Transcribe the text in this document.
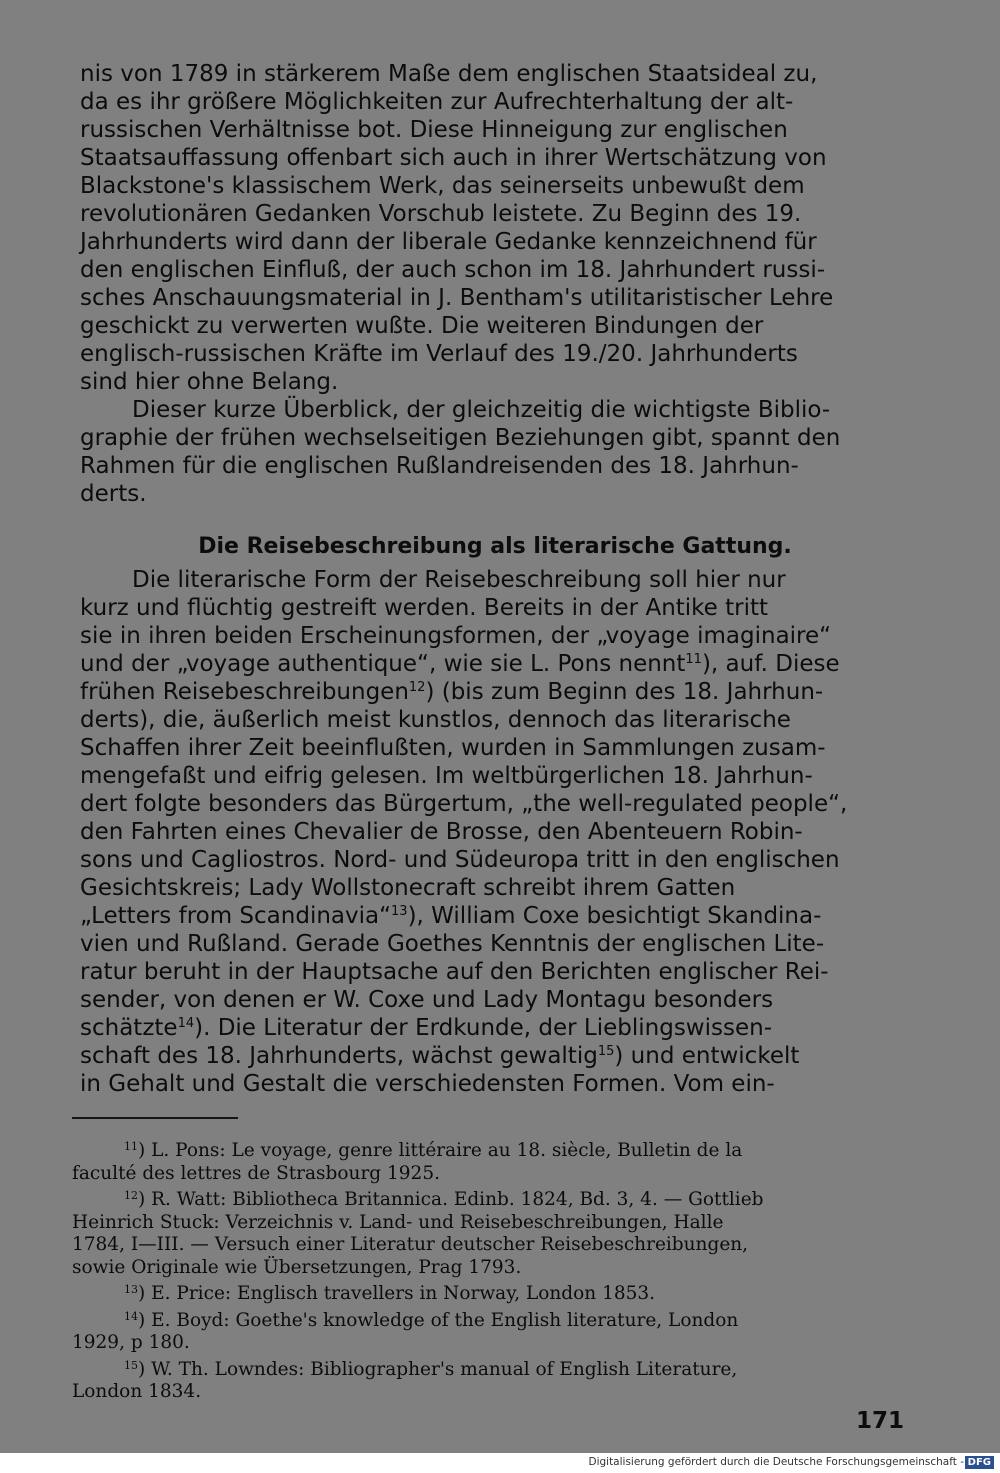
nis von 1789 in stärkerem Maße dem englischen Staatsideal zu,
da es ihr größere Möglichkeiten zur Aufrechterhaltung der alt-
russischen Verhältnisse bot. Diese Hinneigung zur englischen
Staatsauffassung offenbart sich auch in ihrer Wertschätzung von
Blackstone's klassischem Werk, das seinerseits unbewußt dem
revolutionären Gedanken Vorschub leistete. Zu Beginn des 19.
Jahrhunderts wird dann der liberale Gedanke kennzeichnend für
den englischen Einfluß, der auch schon im 18. Jahrhundert russi-
sches Anschauungsmaterial in J. Bentham's utilitaristischer Lehre
geschickt zu verwerten wußte. Die weiteren Bindungen der
englisch-russischen Kräfte im Verlauf des 19./20. Jahrhunderts
sind hier ohne Belang.

Dieser kurze Überblick, der gleichzeitig die wichtigste Biblio-
graphie der frühen wechselseitigen Beziehungen gibt, spannt den
Rahmen für die englischen Rußlandreisenden des 18. Jahrhun-
derts.

Die Reisebeschreibung als literarische Gattung.

Die literarische Form der Reisebeschreibung soll hier nur
kurz und flüchtig gestreift werden. Bereits in der Antike tritt
sie in ihren beiden Erscheinungsformen, der „voyage imaginaire“
und der „voyage authentique“, wie sie L. Pons nennt$^{11}$), auf. Diese
frühen Reisebeschreibungen$^{12}$) (bis zum Beginn des 18. Jahrhun-
derts), die, äußerlich meist kunstlos, dennoch das literarische
Schaffen ihrer Zeit beeinflußten, wurden in Sammlungen zusam-
mengefaßt und eifrig gelesen. Im weltbürgerlichen 18. Jahrhun-
dert folgte besonders das Bürgertum, „the well-regulated people“,
den Fahrten eines Chevalier de Brosse, den Abenteuern Robin-
sons und Cagliostros. Nord- und Südeuropa tritt in den englischen
Gesichtskreis; Lady Wollstonecraft schreibt ihrem Gatten
„Letters from Scandinavia“$^{13}$), William Coxe besichtigt Skandina-
vien und Rußland. Gerade Goethes Kenntnis der englischen Lite-
ratur beruht in der Hauptsache auf den Berichten englischer Rei-
sender, von denen er W. Coxe und Lady Montagu besonders
schätzte$^{14}$). Die Literatur der Erdkunde, der Lieblingswissen-
schaft des 18. Jahrhunderts, wächst gewaltig$^{15}$) und entwickelt
in Gehalt und Gestalt die verschiedensten Formen. Vom ein-

$^{11}$) L. Pons: Le voyage, genre littéraire au 18. siècle, Bulletin de la
faculté des lettres de Strasbourg 1925.

$^{12}$) R. Watt: Bibliotheca Britannica. Edinb. 1824, Bd. 3, 4. — Gottlieb
Heinrich Stuck: Verzeichnis v. Land- und Reisebeschreibungen, Halle
1784, I—III. — Versuch einer Literatur deutscher Reisebeschreibungen,
sowie Originale wie Übersetzungen, Prag 1793.

$^{13}$) E. Price: Englisch travellers in Norway, London 1853.

$^{14}$) E. Boyd: Goethe's knowledge of the English literature, London
1929, p 180.

$^{15}$) W. Th. Lowndes: Bibliographer's manual of English Literature,
London 1834.

171
Digitalisierung gefördert durch die Deutsche Forschungsgemeinschaft - DFG
